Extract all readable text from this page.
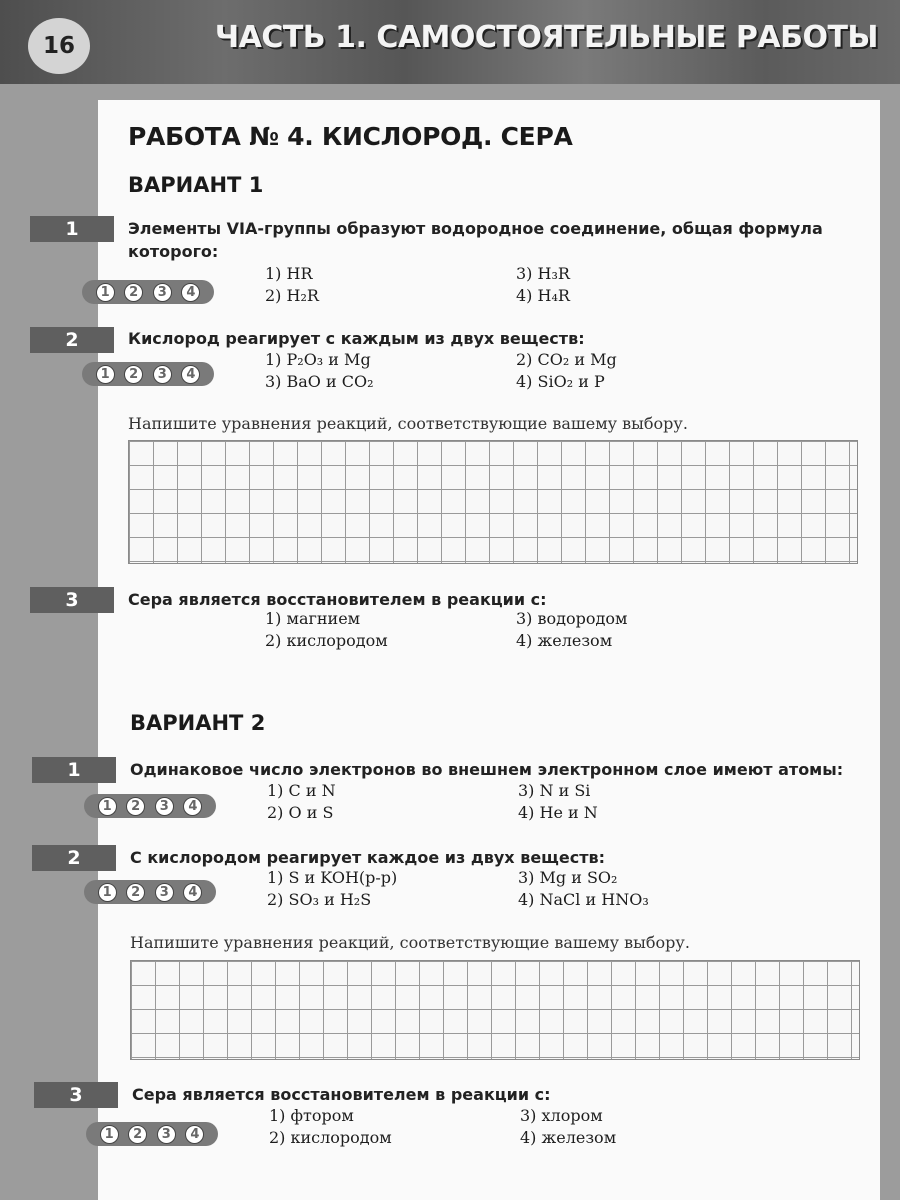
16	ЧАСТЬ 1. САМОСТОЯТЕЛЬНЫЕ РАБОТЫ
РАБОТА № 4. КИСЛОРОД. СЕРА
ВАРИАНТ 1
1	Элементы VIA-группы образуют водородное соединение, общая формула
которого:
1	2	3	4
1) HR	3) H₃R
2) H₂R	4) H₄R
2	Кислород реагирует с каждым из двух веществ:
1	2	3	4
1) P₂O₃ и Mg	2) CO₂ и Mg
3) BaO и CO₂	4) SiO₂ и P
Напишите уравнения реакций, соответствующие вашему выбору.
3	Сера является восстановителем в реакции с:
1) магнием	3) водородом
2) кислородом	4) железом
ВАРИАНТ 2
1	Одинаковое число электронов во внешнем электронном слое имеют атомы:
1	2	3	4
1) C и N	3) N и Si
2) O и S	4) He и N
2	С кислородом реагирует каждое из двух веществ:
1	2	3	4
1) S и KOH(р-р)	3) Mg и SO₂
2) SO₃ и H₂S	4) NaCl и HNO₃
Напишите уравнения реакций, соответствующие вашему выбору.
3	Сера является восстановителем в реакции с:
1	2	3	4
1) фтором	3) хлором
2) кислородом	4) железом
